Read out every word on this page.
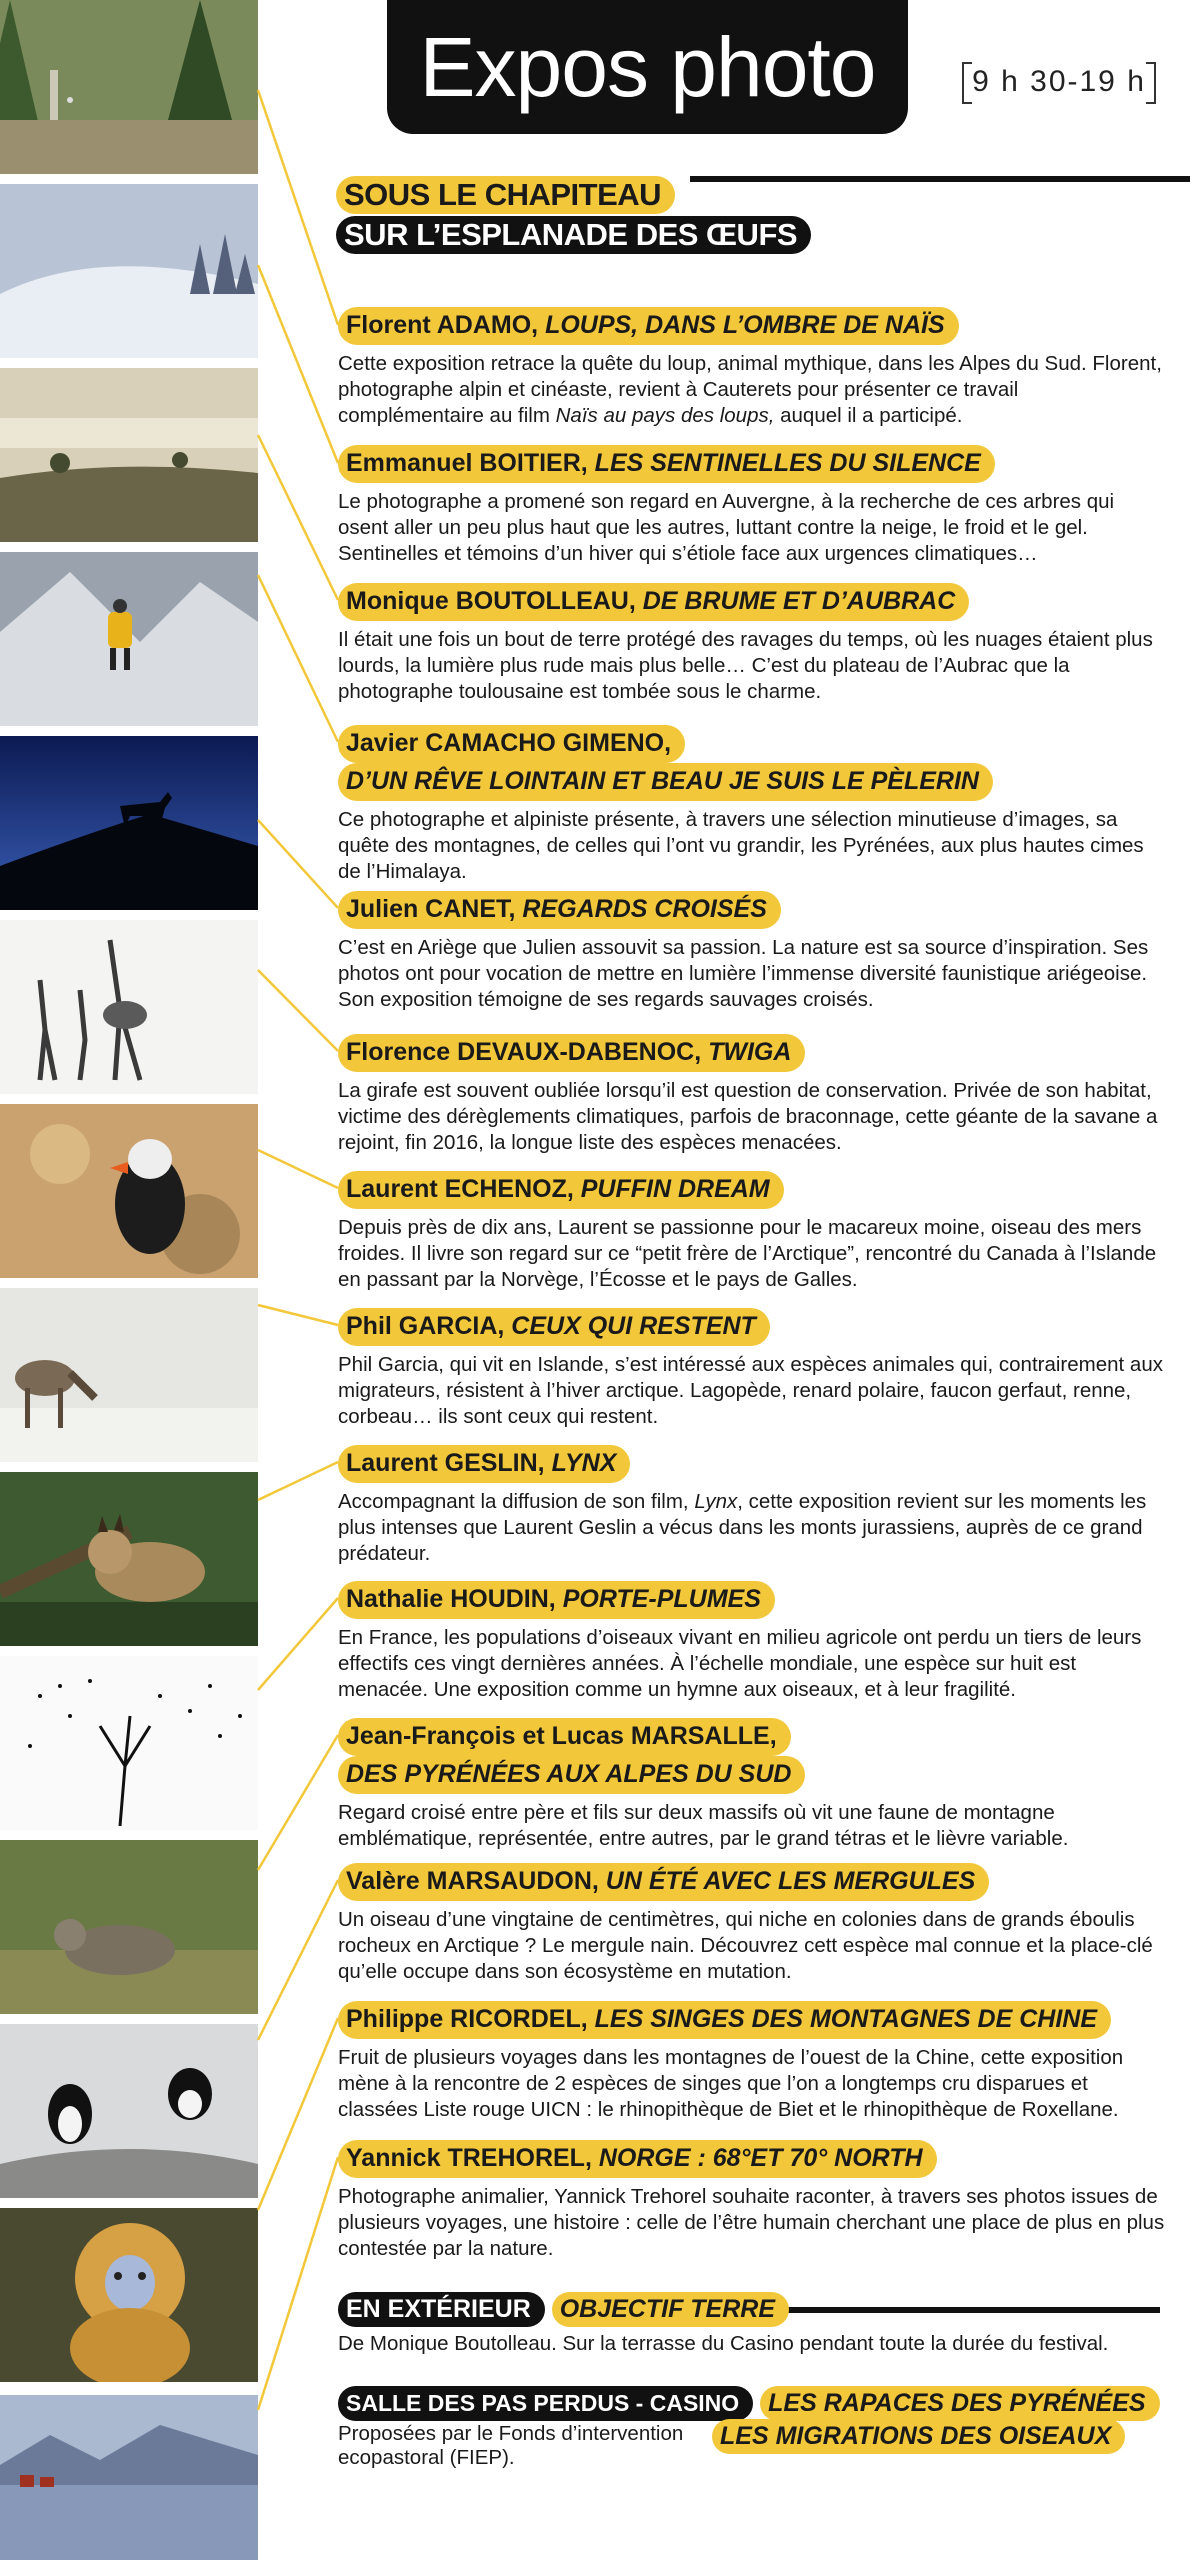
Expos photo	9 h 30-19 h
SOUS LE CHAPITEAU
SUR L’ESPLANADE DES ŒUFS
Florent ADAMO, LOUPS, DANS L’OMBRE DE NAÏS
Cette exposition retrace la quête du loup, animal mythique, dans les Alpes du Sud. Florent, photographe alpin et cinéaste, revient à Cauterets pour présenter ce travail complémentaire au film Naïs au pays des loups, auquel il a participé.
Emmanuel BOITIER, LES SENTINELLES DU SILENCE
Le photographe a promené son regard en Auvergne, à la recherche de ces arbres qui osent aller un peu plus haut que les autres, luttant contre la neige, le froid et le gel. Sentinelles et témoins d’un hiver qui s’étiole face aux urgences climatiques…
Monique BOUTOLLEAU, DE BRUME ET D’AUBRAC
Il était une fois un bout de terre protégé des ravages du temps, où les nuages étaient plus lourds, la lumière plus rude mais plus belle… C’est du plateau de l’Aubrac que la photographe toulousaine est tombée sous le charme.
Javier CAMACHO GIMENO,
D’UN RÊVE LOINTAIN ET BEAU JE SUIS LE PÈLERIN
Ce photographe et alpiniste présente, à travers une sélection minutieuse d’images, sa quête des montagnes, de celles qui l’ont vu grandir, les Pyrénées, aux plus hautes cimes de l’Himalaya.
Julien CANET, REGARDS CROISÉS
C’est en Ariège que Julien assouvit sa passion. La nature est sa source d’inspiration. Ses photos ont pour vocation de mettre en lumière l’immense diversité faunistique ariégeoise. Son exposition témoigne de ses regards sauvages croisés.
Florence DEVAUX-DABENOC, TWIGA
La girafe est souvent oubliée lorsqu’il est question de conservation. Privée de son habitat, victime des dérèglements climatiques, parfois de braconnage, cette géante de la savane a rejoint, fin 2016, la longue liste des espèces menacées.
Laurent ECHENOZ, PUFFIN DREAM
Depuis près de dix ans, Laurent se passionne pour le macareux moine, oiseau des mers froides. Il livre son regard sur ce “petit frère de l’Arctique”, rencontré du Canada à l’Islande en passant par la Norvège, l’Écosse et le pays de Galles.
Phil GARCIA, CEUX QUI RESTENT
Phil Garcia, qui vit en Islande, s’est intéressé aux espèces animales qui, contrairement aux migrateurs, résistent à l’hiver arctique. Lagopède, renard polaire, faucon gerfaut, renne, corbeau… ils sont ceux qui restent.
Laurent GESLIN, LYNX
Accompagnant la diffusion de son film, Lynx, cette exposition revient sur les moments les plus intenses que Laurent Geslin a vécus dans les monts jurassiens, auprès de ce grand prédateur.
Nathalie HOUDIN, PORTE-PLUMES
En France, les populations d’oiseaux vivant en milieu agricole ont perdu un tiers de leurs effectifs ces vingt dernières années. À l’échelle mondiale, une espèce sur huit est menacée. Une exposition comme un hymne aux oiseaux, et à leur fragilité.
Jean-François et Lucas MARSALLE,
DES PYRÉNÉES AUX ALPES DU SUD
Regard croisé entre père et fils sur deux massifs où vit une faune de montagne emblématique, représentée, entre autres, par le grand tétras et le lièvre variable.
Valère MARSAUDON, UN ÉTÉ AVEC LES MERGULES
Un oiseau d’une vingtaine de centimètres, qui niche en colonies dans de grands éboulis rocheux en Arctique ? Le mergule nain. Découvrez cett espèce mal connue et la place-clé qu’elle occupe dans son écosystème en mutation.
Philippe RICORDEL, LES SINGES DES MONTAGNES DE CHINE
Fruit de plusieurs voyages dans les montagnes de l’ouest de la Chine, cette exposition mène à la rencontre de 2 espèces de singes que l’on a longtemps cru disparues et classées Liste rouge UICN : le rhinopithèque de Biet et le rhinopithèque de Roxellane.
Yannick TREHOREL, NORGE : 68°ET 70° NORTH
Photographe animalier, Yannick Trehorel souhaite raconter, à travers ses photos issues de plusieurs voyages, une histoire : celle de l’être humain cherchant une place de plus en plus contestée par la nature.
EN EXTÉRIEUR OBJECTIF TERRE
De Monique Boutolleau. Sur la terrasse du Casino pendant toute la durée du festival.
SALLE DES PAS PERDUS - CASINO LES RAPACES DES PYRÉNÉES
Proposées par le Fonds d’intervention	LES MIGRATIONS DES OISEAUX
ecopastoral (FIEP).
